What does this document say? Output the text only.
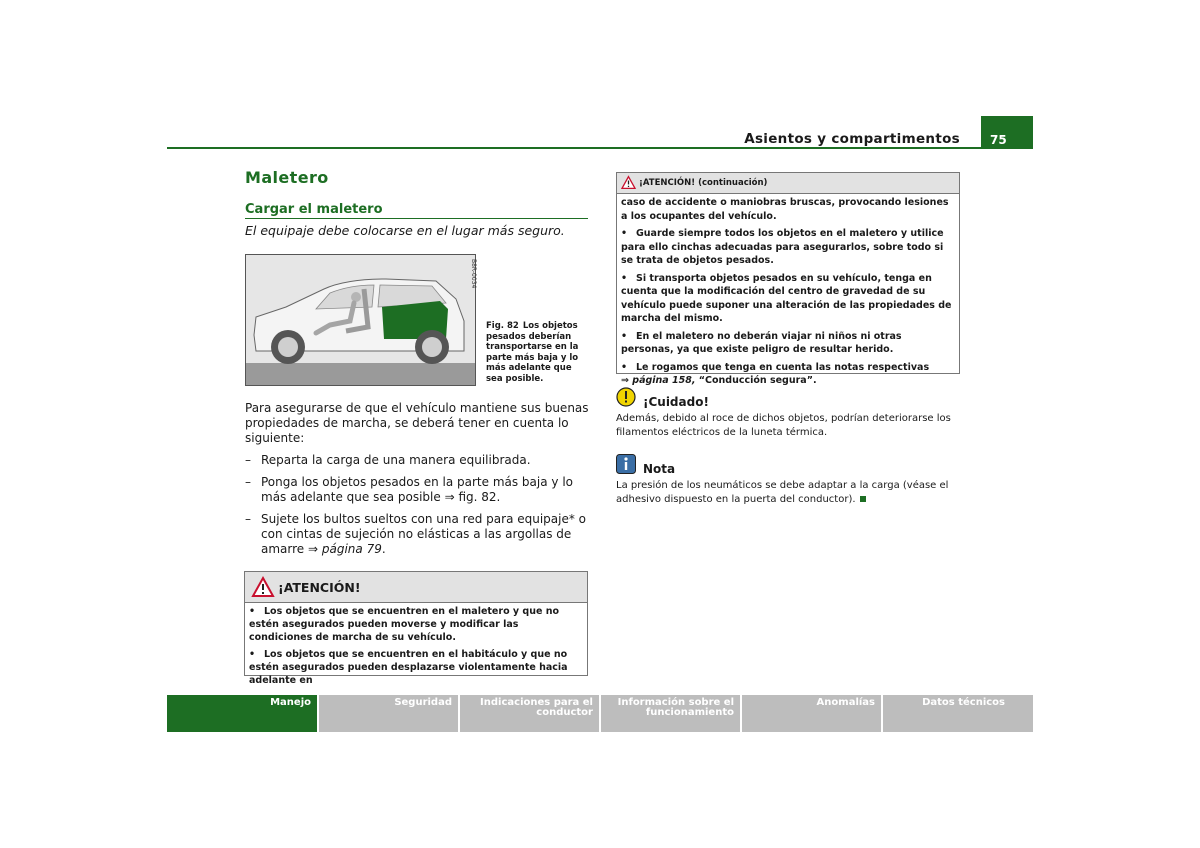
Asientos y compartimentos	75
Maletero
Cargar el maletero
El equipaje debe colocarse en el lugar más seguro.
B8R-0034
Fig. 82 Los objetos pesados deberían transportarse en la parte más baja y lo más adelante que sea posible.
Para asegurarse de que el vehículo mantiene sus buenas propiedades de marcha, se deberá tener en cuenta lo siguiente:
– Reparta la carga de una manera equilibrada.
– Ponga los objetos pesados en la parte más baja y lo más adelante que sea posible ⇒ fig. 82.
– Sujete los bultos sueltos con una red para equipaje* o con cintas de sujeción no elásticas a las argollas de amarre ⇒ página 79.
¡ATENCIÓN!

• Los objetos que se encuentren en el maletero y que no estén asegurados pueden moverse y modificar las condiciones de marcha de su vehículo.

• Los objetos que se encuentren en el habitáculo y que no estén asegurados pueden desplazarse violentamente hacia adelante en

¡ATENCIÓN! (continuación)

caso de accidente o maniobras bruscas, provocando lesiones a los ocupantes del vehículo.

• Guarde siempre todos los objetos en el maletero y utilice para ello cinchas adecuadas para asegurarlos, sobre todo si se trata de objetos pesados.

• Si transporta objetos pesados en su vehículo, tenga en cuenta que la modificación del centro de gravedad de su vehículo puede suponer una alteración de las propiedades de marcha del mismo.

• En el maletero no deberán viajar ni niños ni otras personas, ya que existe peligro de resultar herido.

• Le rogamos que tenga en cuenta las notas respectivas
⇒ página 158, “Conducción segura”.

¡Cuidado!
Además, debido al roce de dichos objetos, podrían deteriorarse los filamentos eléctricos de la luneta térmica.
Nota
La presión de los neumáticos se debe adaptar a la carga (véase el adhesivo dispuesto en la puerta del conductor).
Manejo	Seguridad	Indicaciones para el conductor
Información sobre el funcionamiento
Anomalías	Datos técnicos
